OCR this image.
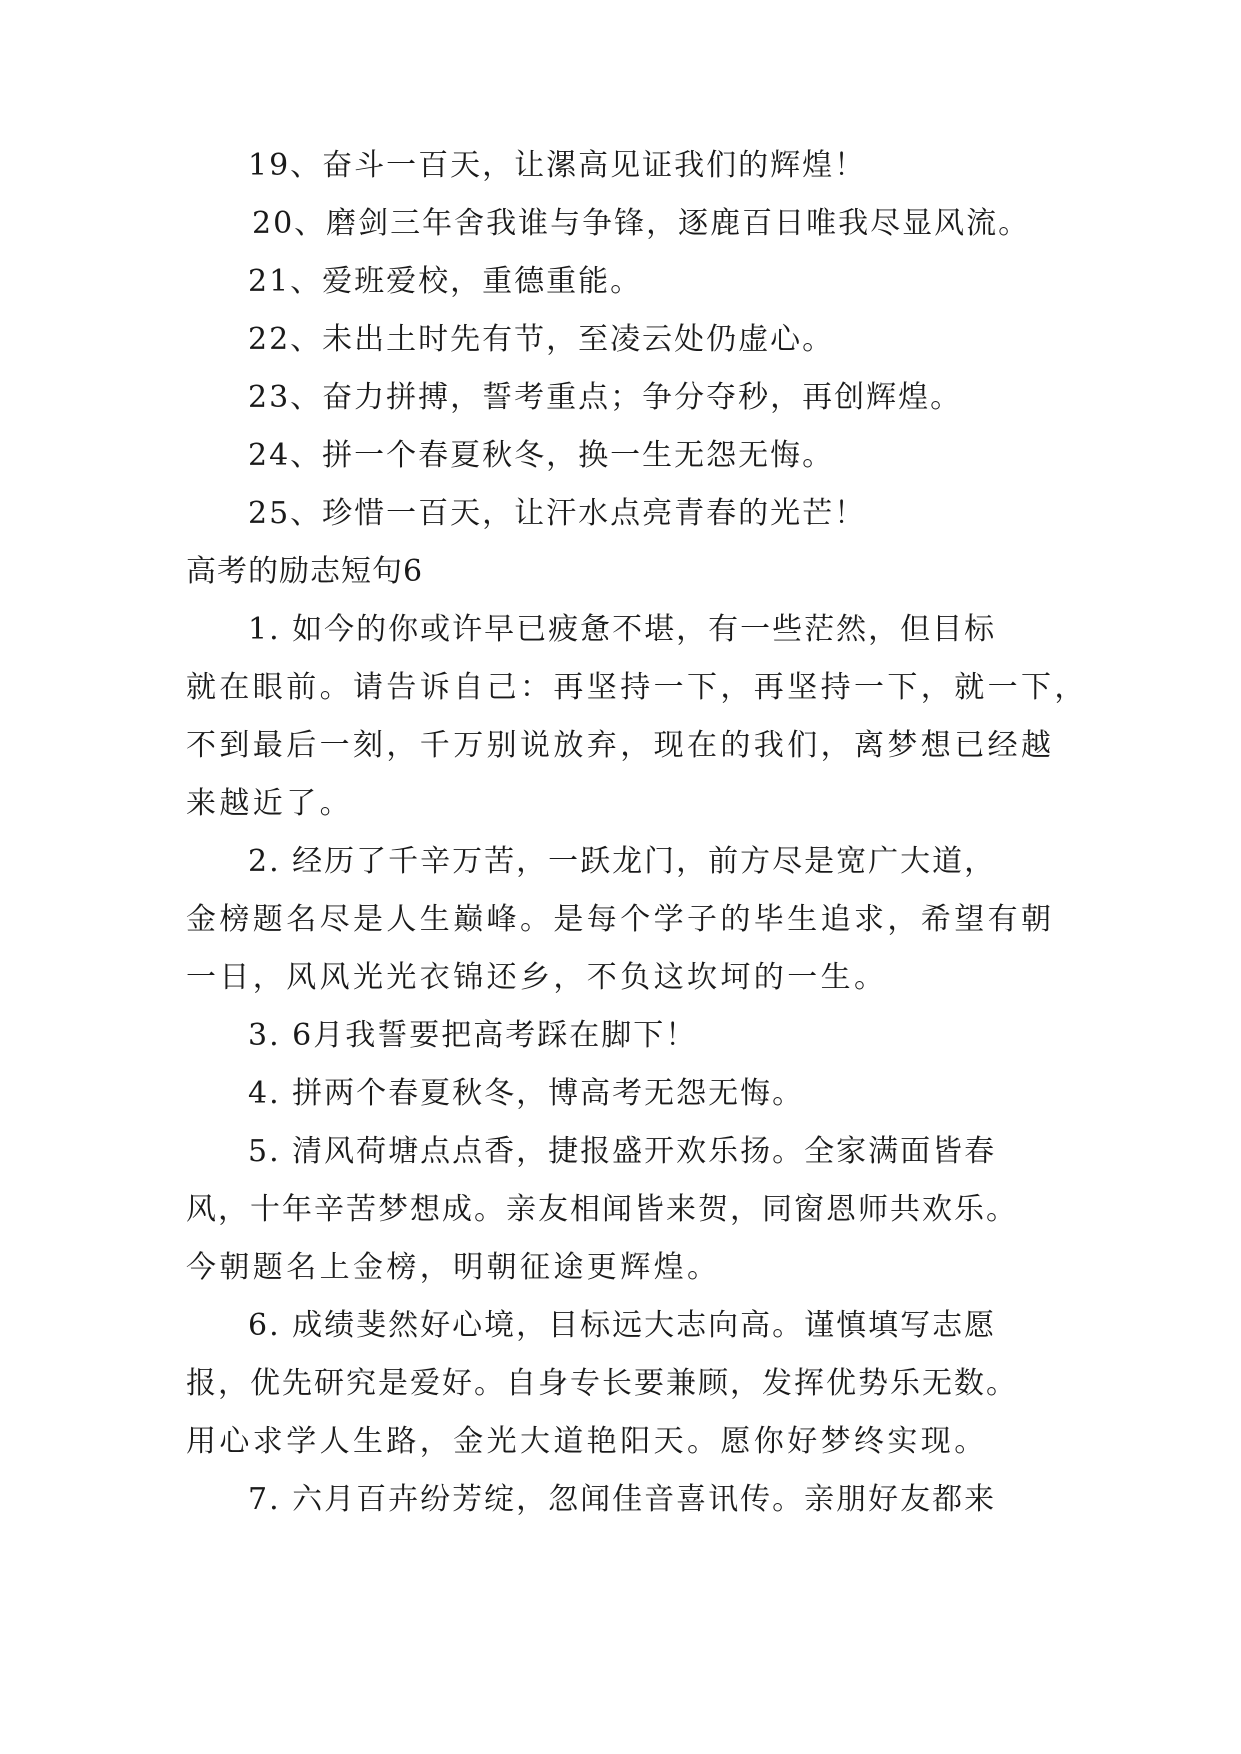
19、奋斗一百天，让漯高见证我们的辉煌！

20、磨剑三年舍我谁与争锋，逐鹿百日唯我尽显风流。

21、爱班爱校，重德重能。

22、未出土时先有节，至凌云处仍虚心。

23、奋力拼搏，誓考重点；争分夺秒，再创辉煌。

24、拼一个春夏秋冬，换一生无怨无悔。

25、珍惜一百天，让汗水点亮青春的光芒！

高考的励志短句6

1. 如今的你或许早已疲惫不堪，有一些茫然，但目标

就在眼前。请告诉自己：再坚持一下，再坚持一下，就一下，

不到最后一刻，千万别说放弃，现在的我们，离梦想已经越

来越近了。

2. 经历了千辛万苦，一跃龙门，前方尽是宽广大道，

金榜题名尽是人生巅峰。是每个学子的毕生追求，希望有朝

一日，风风光光衣锦还乡，不负这坎坷的一生。

3. 6月我誓要把高考踩在脚下！

4. 拼两个春夏秋冬，博高考无怨无悔。

5. 清风荷塘点点香，捷报盛开欢乐扬。全家满面皆春

风，十年辛苦梦想成。亲友相闻皆来贺，同窗恩师共欢乐。

今朝题名上金榜，明朝征途更辉煌。

6. 成绩斐然好心境，目标远大志向高。谨慎填写志愿

报，优先研究是爱好。自身专长要兼顾，发挥优势乐无数。

用心求学人生路，金光大道艳阳天。愿你好梦终实现。

7. 六月百卉纷芳绽，忽闻佳音喜讯传。亲朋好友都来
